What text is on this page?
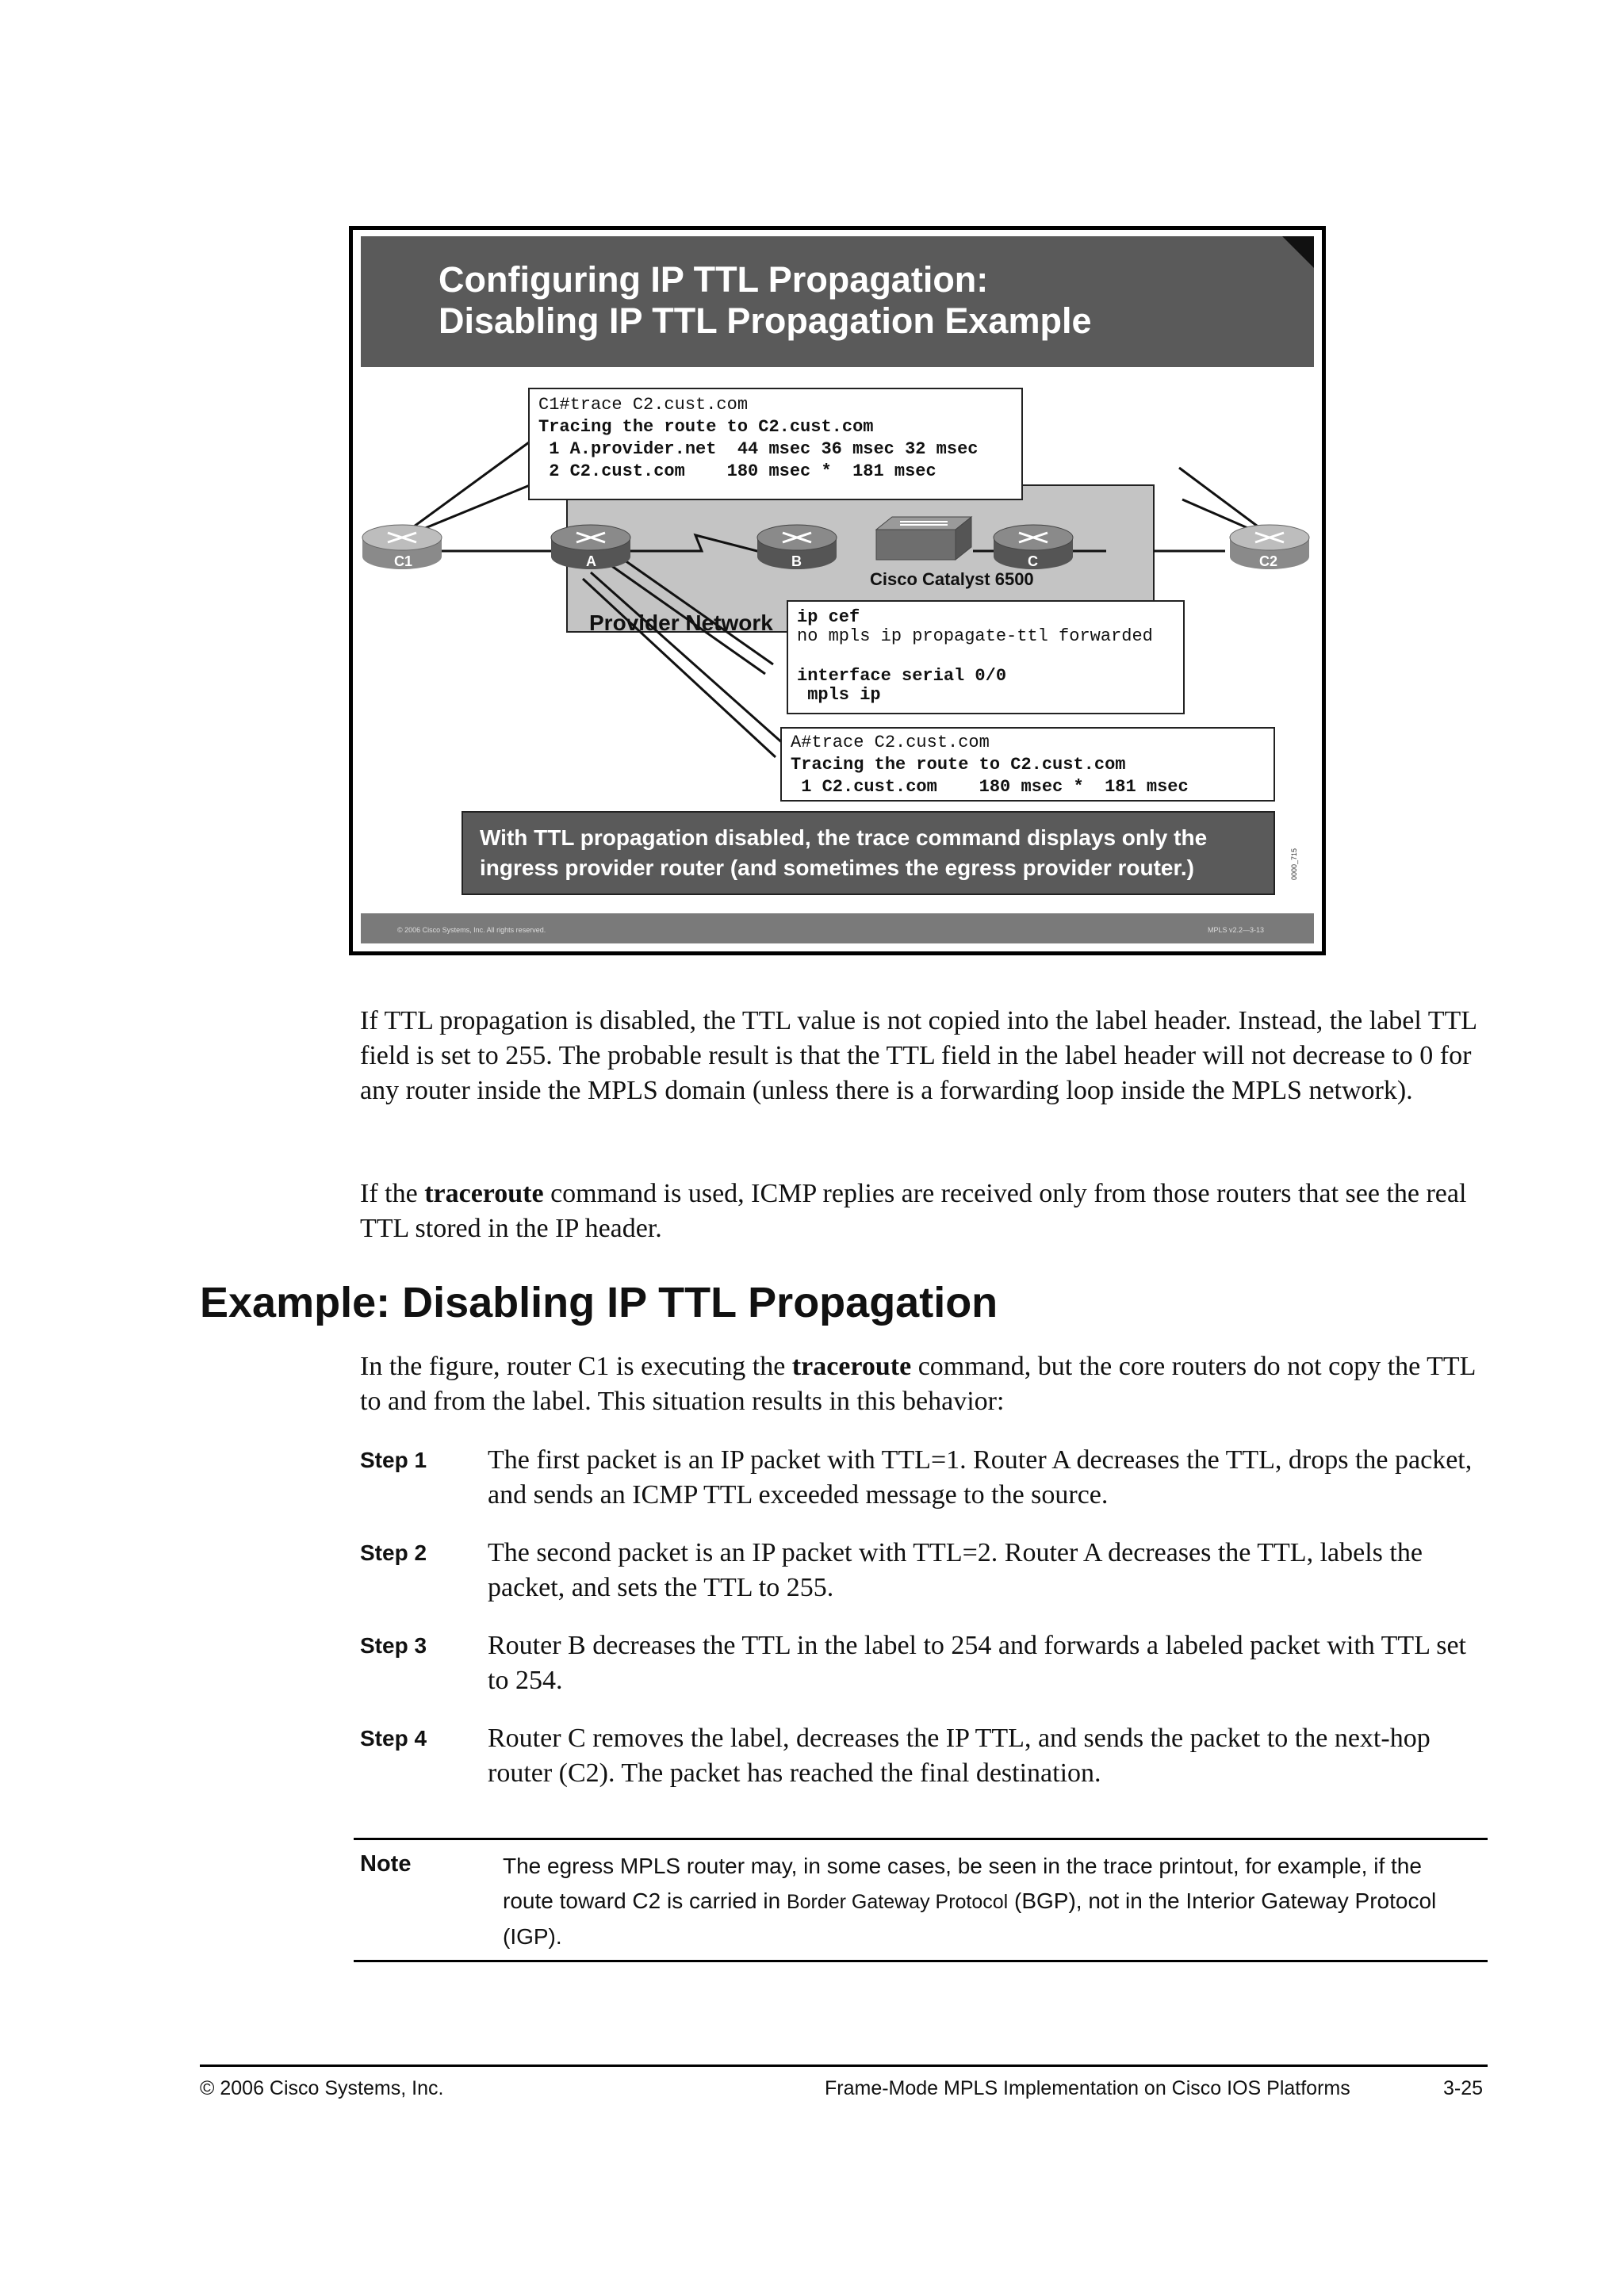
Configuring IP TTL Propagation:
Disabling IP TTL Propagation Example
Provider Network
C1	A	B
Cisco Catalyst 6500
C	C2
C1#trace C2.cust.com
Tracing the route to C2.cust.com
1 A.provider.net  44 msec 36 msec 32 msec
2 C2.cust.com    180 msec *  181 msec
ip cef
no mpls ip propagate-ttl forwarded
interface serial 0/0
mpls ip
A#trace C2.cust.com
Tracing the route to C2.cust.com
1 C2.cust.com    180 msec *  181 msec
With TTL propagation disabled, the trace command displays only the
ingress provider router (and sometimes the egress provider router.)	0000_715
© 2006 Cisco Systems, Inc. All rights reserved.	MPLS v2.2—3-13

If TTL propagation is disabled, the TTL value is not copied into the label header. Instead, the label TTL field is set to 255. The probable result is that the TTL field in the label header will not decrease to 0 for any router inside the MPLS domain (unless there is a forwarding loop inside the MPLS network).

If the traceroute command is used, ICMP replies are received only from those routers that see the real TTL stored in the IP header.

Example: Disabling IP TTL Propagation

In the figure, router C1 is executing the traceroute command, but the core routers do not copy the TTL to and from the label. This situation results in this behavior:

Step 1 The first packet is an IP packet with TTL=1. Router A decreases the TTL, drops the packet, and sends an ICMP TTL exceeded message to the source.

Step 2 The second packet is an IP packet with TTL=2. Router A decreases the TTL, labels the packet, and sets the TTL to 255.

Step 3 Router B decreases the TTL in the label to 254 and forwards a labeled packet with TTL set to 254.

Step 4 Router C removes the label, decreases the IP TTL, and sends the packet to the next-hop router (C2). The packet has reached the final destination.

Note	The egress MPLS router may, in some cases, be seen in the trace printout, for example, if the route toward C2 is carried in Border Gateway Protocol (BGP), not in the Interior Gateway Protocol (IGP).

© 2006 Cisco Systems, Inc.	Frame-Mode MPLS Implementation on Cisco IOS Platforms	3-25
